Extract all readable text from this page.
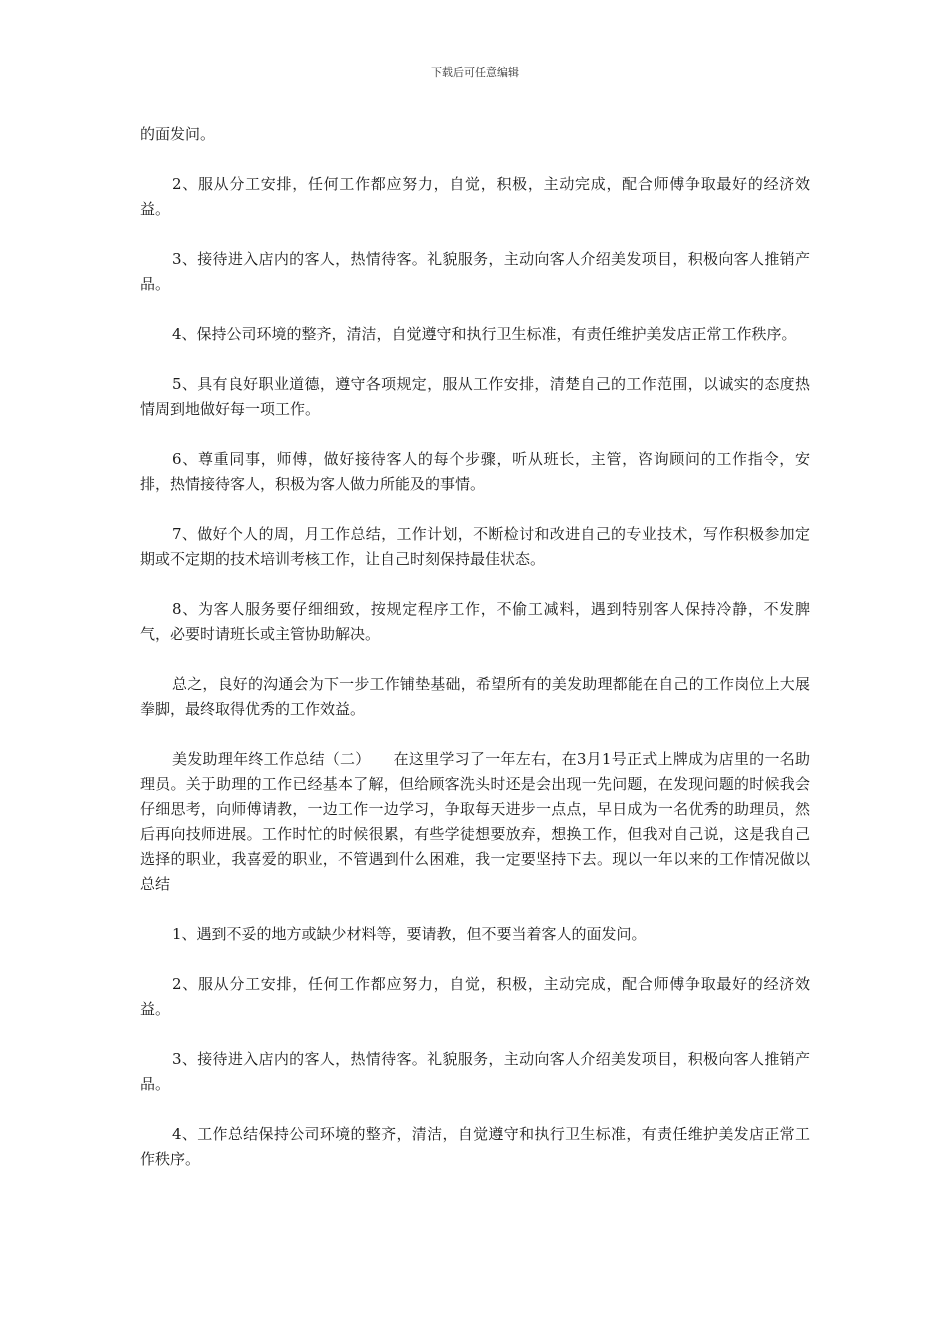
下载后可任意编辑

的面发问。

2、服从分工安排，任何工作都应努力，自觉，积极，主动完成，配合师傅争取最好的经济效益。

3、接待进入店内的客人，热情待客。礼貌服务，主动向客人介绍美发项目，积极向客人推销产品。

4、保持公司环境的整齐，清洁，自觉遵守和执行卫生标准，有责任维护美发店正常工作秩序。

5、具有良好职业道德，遵守各项规定，服从工作安排，清楚自己的工作范围，以诚实的态度热情周到地做好每一项工作。

6、尊重同事，师傅，做好接待客人的每个步骤，听从班长，主管，咨询顾问的工作指令，安排，热情接待客人，积极为客人做力所能及的事情。

7、做好个人的周，月工作总结，工作计划，不断检讨和改进自己的专业技术，写作积极参加定期或不定期的技术培训考核工作，让自己时刻保持最佳状态。

8、为客人服务要仔细细致，按规定程序工作，不偷工减料，遇到特别客人保持冷静，不发脾气，必要时请班长或主管协助解决。

总之，良好的沟通会为下一步工作铺垫基础，希望所有的美发助理都能在自己的工作岗位上大展拳脚，最终取得优秀的工作效益。

美发助理年终工作总结（二）　　在这里学习了一年左右，在3月1号正式上牌成为店里的一名助理员。关于助理的工作已经基本了解，但给顾客洗头时还是会出现一先问题，在发现问题的时候我会仔细思考，向师傅请教，一边工作一边学习，争取每天进步一点点，早日成为一名优秀的助理员，然后再向技师进展。工作时忙的时候很累，有些学徒想要放弃，想换工作，但我对自己说，这是我自己选择的职业，我喜爱的职业，不管遇到什么困难，我一定要坚持下去。现以一年以来的工作情况做以总结

1、遇到不妥的地方或缺少材料等，要请教，但不要当着客人的面发问。

2、服从分工安排，任何工作都应努力，自觉，积极，主动完成，配合师傅争取最好的经济效益。

3、接待进入店内的客人，热情待客。礼貌服务，主动向客人介绍美发项目，积极向客人推销产品。

4、工作总结保持公司环境的整齐，清洁，自觉遵守和执行卫生标准，有责任维护美发店正常工作秩序。
